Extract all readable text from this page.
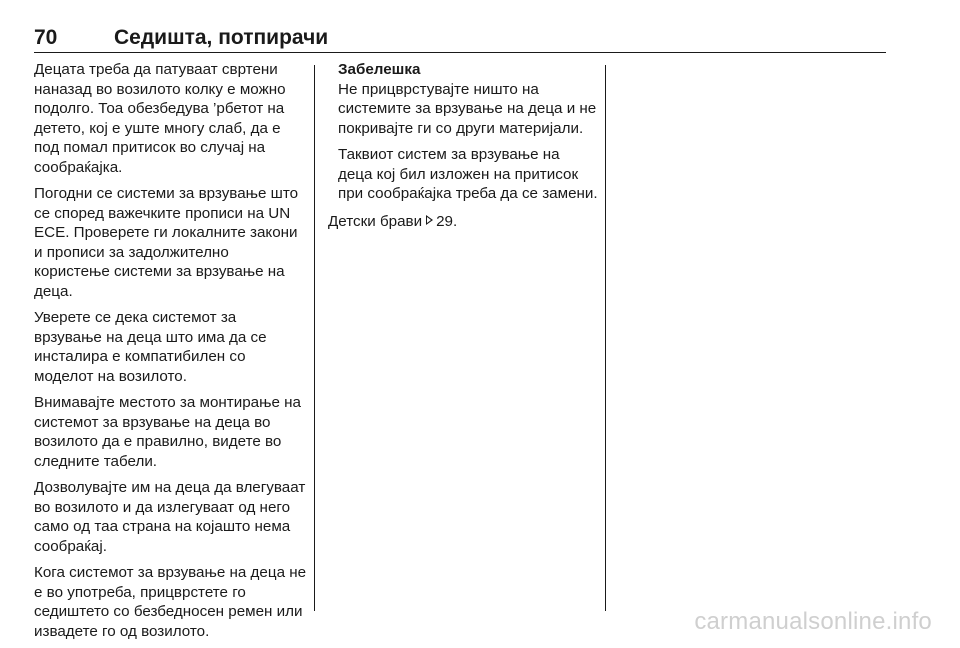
70	Седишта, потпирачи

Децата треба да патуваат свртени наназад во возилото колку е можно подолго. Тоа обезбедува ’рбетот на детето, кој е уште многу слаб, да е под помал притисок во случај на сообраќајка.

Погодни се системи за врзување што се според важечките прописи на UN ECE. Проверете ги локалните закони и прописи за задолжително користење системи за врзување на деца.

Уверете се дека системот за врзување на деца што има да се инсталира е компатибилен со моделот на возилото.

Внимавајте местото за монтирање на системот за врзување на деца во возилото да е правилно, видете во следните табели.

Дозволувајте им на деца да влегуваат во возилото и да излегуваат од него само од таа страна на којашто нема сообраќај.

Кога системот за врзување на деца не е во употреба, прицврстете го седиштето со безбедносен ремен или извадете го од возилото.

Забелешка

Не прицврстувајте ништо на системите за врзување на деца и не покривајте ги со други материјали.

Таквиот систем за врзување на деца кој бил изложен на притисок при сообраќајка треба да се замени.

Детски брави 29.

carmanualsonline.info
